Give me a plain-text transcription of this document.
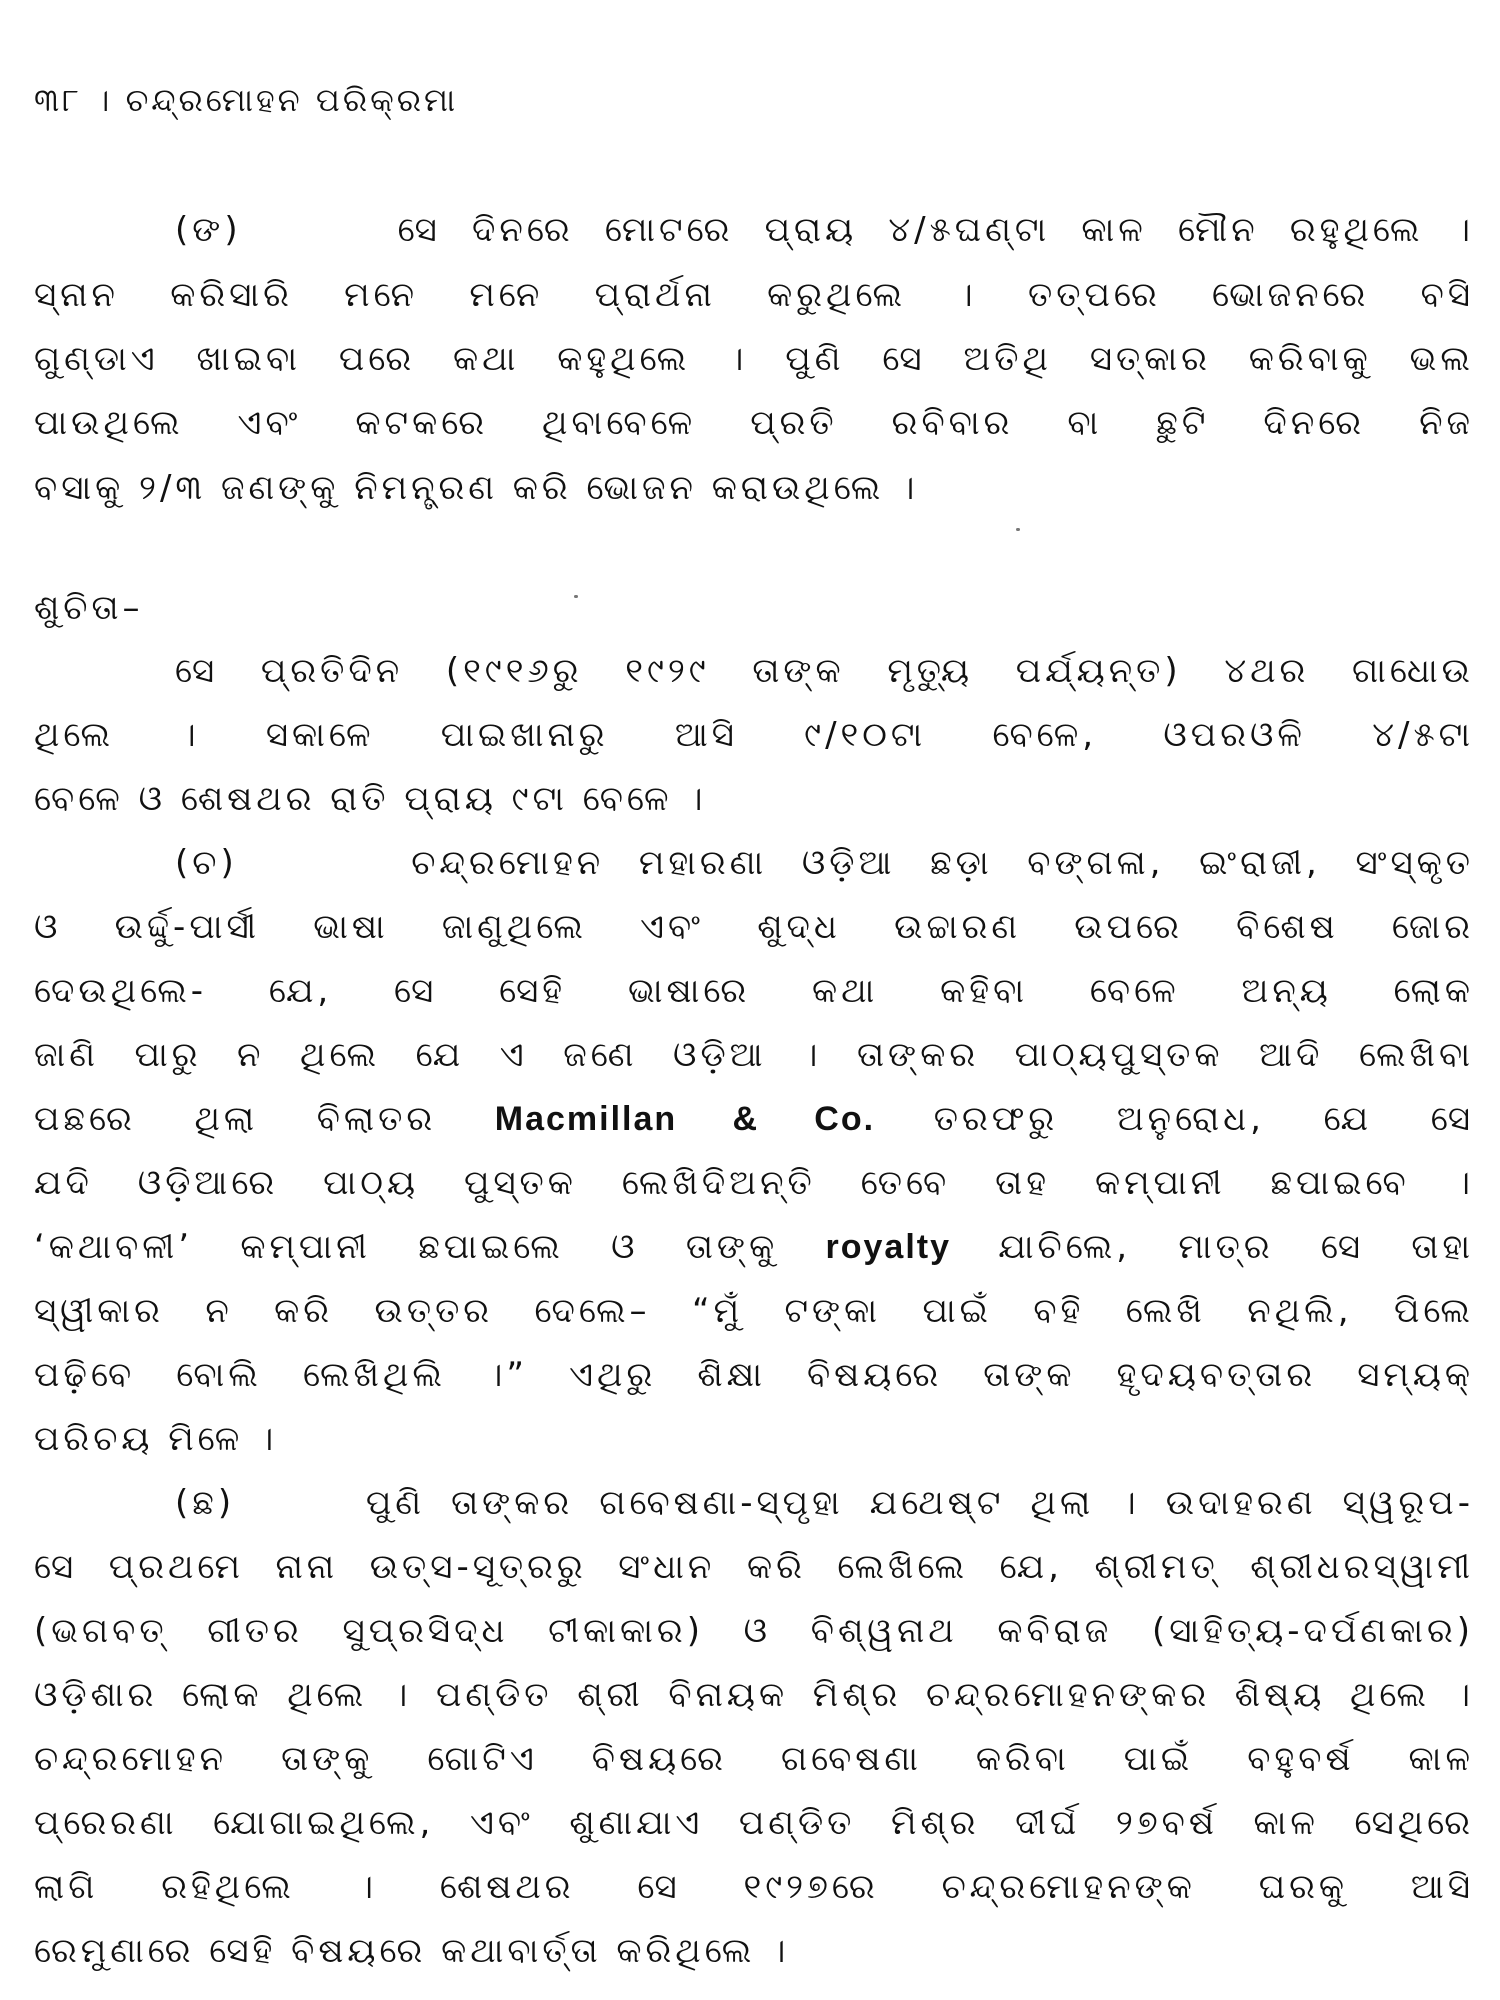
୩୮ । ଚନ୍ଦ୍ରମୋହନ ପରିକ୍ରମା
(ଙ)	ସେ ଦିନରେ ମୋଟରେ ପ୍ରାୟ ୪/୫ଘଣ୍ଟା କାଳ ମୌନ ରହୁଥିଲେ ।
ସ୍ନାନ କରିସାରି ମନେ ମନେ ପ୍ରାର୍ଥନା କରୁଥିଲେ । ତତ୍‌ପରେ ଭୋଜନରେ ବସି
ଗୁଣ୍ଡାଏ ଖାଇବା ପରେ କଥା କହୁଥିଲେ । ପୁଣି ସେ ଅତିଥି ସତ୍‌କାର କରିବାକୁ ଭଲ
ପାଉଥିଲେ ଏବଂ କଟକରେ ଥିବାବେଳେ ପ୍ରତି ରବିବାର ବା ଛୁଟି ଦିନରେ ନିଜ
ବସାକୁ ୨/୩ ଜଣଙ୍କୁ ନିମନ୍ତ୍ରଣ କରି ଭୋଜନ କରାଉଥିଲେ ।
ଶୁଚିତା–
ସେ ପ୍ରତିଦିନ (୧୯୧୬ରୁ ୧୯୨୯ ତାଙ୍କ ମୃତ୍ୟୁ ପର୍ଯ୍ୟନ୍ତ) ୪ଥର ଗାଧୋଉ
ଥିଲେ । ସକାଳେ ପାଇଖାନାରୁ ଆସି ୯/୧୦ଟା ବେଳେ, ଓପରଓଳି ୪/୫ଟା
ବେଳେ ଓ ଶେଷଥର ରାତି ପ୍ରାୟ ୯ଟା ବେଳେ ।
(ଚ)	ଚନ୍ଦ୍ରମୋହନ ମହାରଣା ଓଡ଼ିଆ ଛଡ଼ା ବଙ୍ଗଳା, ଇଂରାଜୀ, ସଂସ୍କୃତ
ଓ ଉର୍ଦ୍ଦୁ-ପାର୍ସୀ ଭାଷା ଜାଣୁଥିଲେ ଏବଂ ଶୁଦ୍ଧ ଉଚ୍ଚାରଣ ଉପରେ ବିଶେଷ ଜୋର
ଦେଉଥିଲେ- ଯେ, ସେ ସେହି ଭାଷାରେ କଥା କହିବା ବେଳେ ଅନ୍ୟ ଲୋକ
ଜାଣି ପାରୁ ନ ଥିଲେ ଯେ ଏ ଜଣେ ଓଡ଼ିଆ । ତାଙ୍କର ପାଠ୍ୟପୁସ୍ତକ ଆଦି ଲେଖିବା
ପଛରେ ଥିଲା ବିଲାତର Macmillan & Co. ତରଫରୁ ଅନୁରୋଧ, ଯେ ସେ
ଯଦି ଓଡ଼ିଆରେ ପାଠ୍ୟ ପୁସ୍ତକ ଲେଖିଦିଅନ୍ତି ତେବେ ତାହ କମ୍ପାନୀ ଛପାଇବେ ।
‘କଥାବଳୀ’ କମ୍ପାନୀ ଛପାଇଲେ ଓ ତାଙ୍କୁ royalty ଯାଚିଲେ, ମାତ୍ର ସେ ତାହା
ସ୍ୱୀକାର ନ କରି ଉତ୍ତର ଦେଲେ– “ମୁଁ ଟଙ୍କା ପାଇଁ ବହି ଲେଖି ନଥିଲି, ପିଲେ
ପଢ଼ିବେ ବୋଲି ଲେଖିଥିଲି ।” ଏଥିରୁ ଶିକ୍ଷା ବିଷୟରେ ତାଙ୍କ ହୃଦୟବତ୍ତାର ସମ୍ୟକ୍
ପରିଚୟ ମିଳେ ।
(ଛ)	ପୁଣି ତାଙ୍କର ଗବେଷଣା-ସ୍ପୃହା ଯଥେଷ୍ଟ ଥିଲା । ଉଦାହରଣ ସ୍ୱରୂପ-
ସେ ପ୍ରଥମେ ନାନା ଉତ୍ସ-ସୂତ୍ରରୁ ସଂଧାନ କରି ଲେଖିଲେ ଯେ, ଶ୍ରୀମତ୍ ଶ୍ରୀଧରସ୍ୱାମୀ
(ଭଗବତ୍ ଗୀତର ସୁପ୍ରସିଦ୍ଧ ଟୀକାକାର) ଓ ବିଶ୍ୱନାଥ କବିରାଜ (ସାହିତ୍ୟ-ଦର୍ପଣକାର)
ଓଡ଼ିଶାର ଲୋକ ଥିଲେ । ପଣ୍ଡିତ ଶ୍ରୀ ବିନାୟକ ମିଶ୍ର ଚନ୍ଦ୍ରମୋହନଙ୍କର ଶିଷ୍ୟ ଥିଲେ ।
ଚନ୍ଦ୍ରମୋହନ ତାଙ୍କୁ ଗୋଟିଏ ବିଷୟରେ ଗବେଷଣା କରିବା ପାଇଁ ବହୁବର୍ଷ କାଳ
ପ୍ରେରଣା ଯୋଗାଇଥିଲେ, ଏବଂ ଶୁଣାଯାଏ ପଣ୍ଡିତ ମିଶ୍ର ଦୀର୍ଘ ୨୭ବର୍ଷ କାଳ ସେଥିରେ
ଲାଗି ରହିଥିଲେ । ଶେଷଥର ସେ ୧୯୨୭ରେ ଚନ୍ଦ୍ରମୋହନଙ୍କ ଘରକୁ ଆସି
ରେମୁଣାରେ ସେହି ବିଷୟରେ କଥାବାର୍ତ୍ତା କରିଥିଲେ ।
